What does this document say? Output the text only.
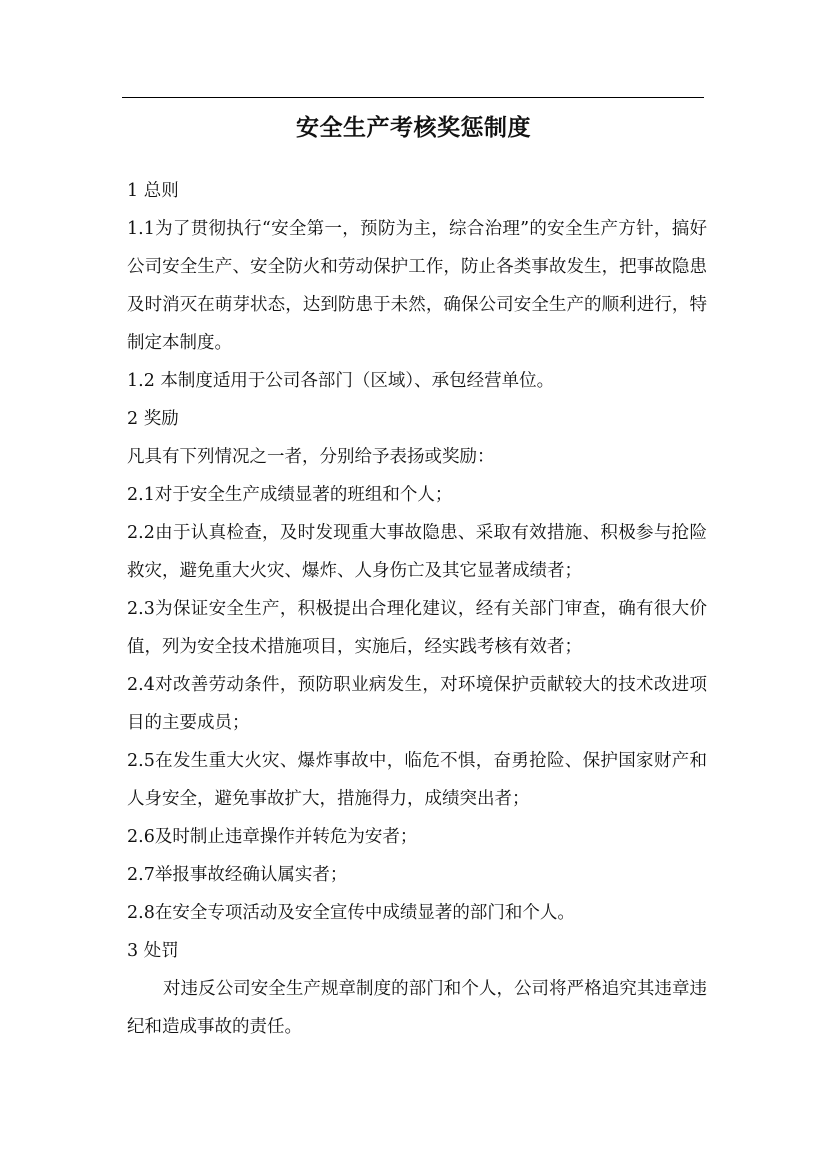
安全生产考核奖惩制度

1 总则

1.1为了贯彻执行“安全第一，预防为主，综合治理”的安全生产方针，搞好公司安全生产、安全防火和劳动保护工作，防止各类事故发生，把事故隐患及时消灭在萌芽状态，达到防患于未然，确保公司安全生产的顺利进行，特制定本制度。

1.2 本制度适用于公司各部门（区域）、承包经营单位。

2 奖励

凡具有下列情况之一者，分别给予表扬或奖励：

2.1对于安全生产成绩显著的班组和个人；

2.2由于认真检查，及时发现重大事故隐患、采取有效措施、积极参与抢险救灾，避免重大火灾、爆炸、人身伤亡及其它显著成绩者；

2.3为保证安全生产，积极提出合理化建议，经有关部门审查，确有很大价值，列为安全技术措施项目，实施后，经实践考核有效者；

2.4对改善劳动条件，预防职业病发生，对环境保护贡献较大的技术改进项目的主要成员；

2.5在发生重大火灾、爆炸事故中，临危不惧，奋勇抢险、保护国家财产和人身安全，避免事故扩大，措施得力，成绩突出者；

2.6及时制止违章操作并转危为安者；

2.7举报事故经确认属实者；

2.8在安全专项活动及安全宣传中成绩显著的部门和个人。

3 处罚

对违反公司安全生产规章制度的部门和个人，公司将严格追究其违章违纪和造成事故的责任。
